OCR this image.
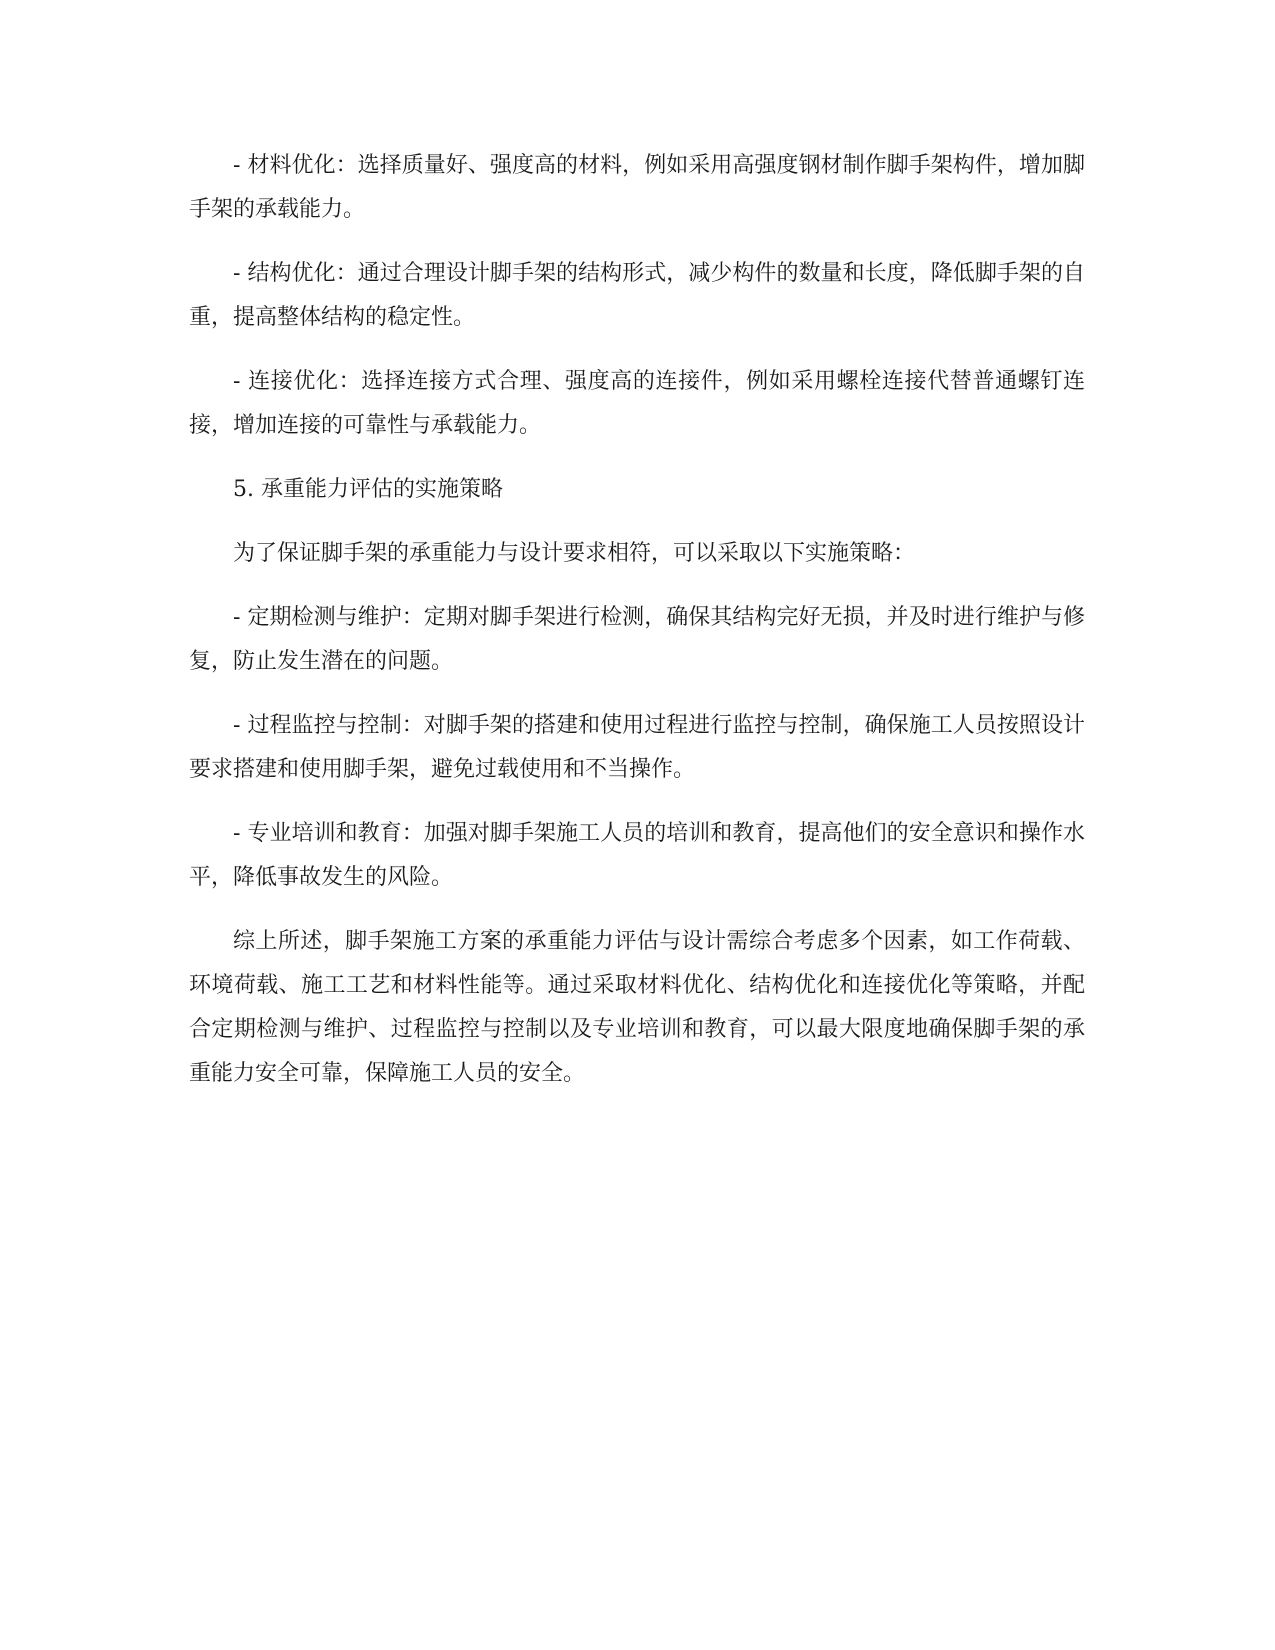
- 材料优化：选择质量好、强度高的材料，例如采用高强度钢材制作脚手架构件，增加脚手架的承载能力。

- 结构优化：通过合理设计脚手架的结构形式，减少构件的数量和长度，降低脚手架的自重，提高整体结构的稳定性。

- 连接优化：选择连接方式合理、强度高的连接件，例如采用螺栓连接代替普通螺钉连接，增加连接的可靠性与承载能力。

5. 承重能力评估的实施策略

为了保证脚手架的承重能力与设计要求相符，可以采取以下实施策略：

- 定期检测与维护：定期对脚手架进行检测，确保其结构完好无损，并及时进行维护与修复，防止发生潜在的问题。

- 过程监控与控制：对脚手架的搭建和使用过程进行监控与控制，确保施工人员按照设计要求搭建和使用脚手架，避免过载使用和不当操作。

- 专业培训和教育：加强对脚手架施工人员的培训和教育，提高他们的安全意识和操作水平，降低事故发生的风险。

综上所述，脚手架施工方案的承重能力评估与设计需综合考虑多个因素，如工作荷载、环境荷载、施工工艺和材料性能等。通过采取材料优化、结构优化和连接优化等策略，并配合定期检测与维护、过程监控与控制以及专业培训和教育，可以最大限度地确保脚手架的承重能力安全可靠，保障施工人员的安全。
